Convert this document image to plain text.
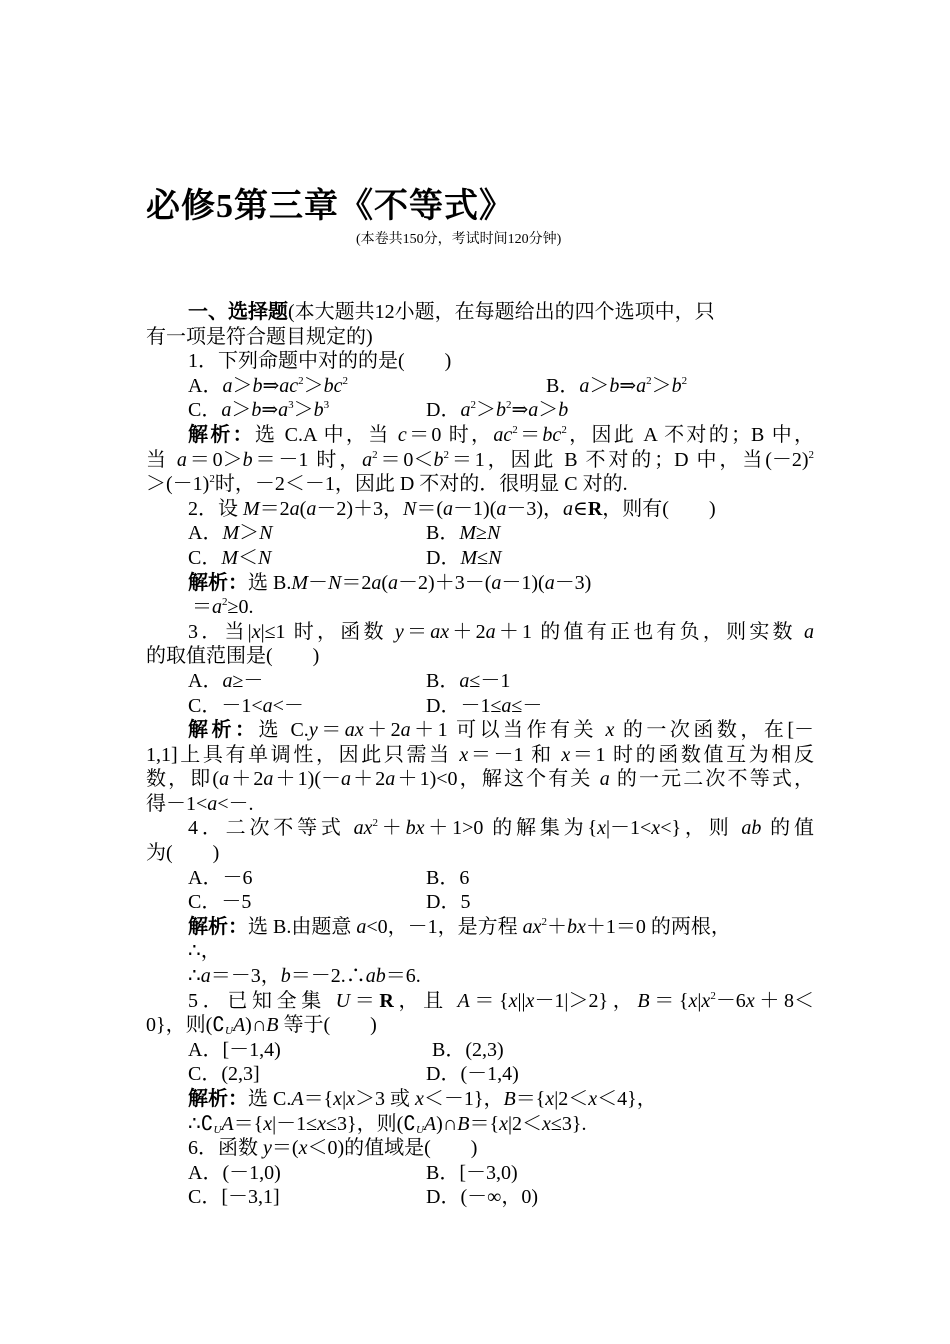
必修5第三章《不等式》
(本卷共150分，考试时间120分钟)
一、选择题(本大题共12小题，在每题给出的四个选项中，只
有一项是符合题目规定的)
1．下列命题中对的的是(　　)
A．$a>b\Rightarrow ac^2>bc^2$	B．$a>b\Rightarrow a^2>b^2$
C．$a>b\Rightarrow a^3>b^3$	D．$a^2>b^2\Rightarrow a>b$
解析：选 C.A 中，当 c＝0 时，$ac^2=bc^2$，因此 A 不对的；B 中，
当 a＝0＞b＝－1 时，$a^2=0<b^2=1$，因此 B 不对的；D 中，当$(-2)^2$
$>(-1)^2$时，－2＜－1，因此 D 不对的．很明显 C 对的.
2．设 M＝2a(a－2)＋3，N＝(a－1)(a－3)，a∈R，则有(　　)
A．M＞N	B．M≥N
C．M＜N	D．M≤N
解析：选 B.M－N＝2a(a－2)＋3－(a－1)(a－3)
$=a^2\ge 0$.
3．当|x|≤1 时，函数 y＝ax＋2a＋1 的值有正也有负，则实数 a
的取值范围是(　　)
A．a≥－	B．a≤－1
C．－1<a<－	D．－1≤a≤－
解析：选 C.y＝ax＋2a＋1 可以当作有关 x 的一次函数，在[－
1,1]上具有单调性，因此只需当 x＝－1 和 x＝1 时的函数值互为相反
数，即(a＋2a＋1)(－a＋2a＋1)<0，解这个有关 a 的一元二次不等式，
得－1<a<－.
4．二次不等式 $ax^2+bx+1>0$ 的解集为{x|－1<x<}，则 ab 的值
为(　　)
A．－6	B．6
C．－5	D．5
解析：选 B.由题意 a<0，－1，是方程 $ax^2+bx+1=0$ 的两根，
∴，
∴a＝－3，b＝－2.∴ab＝6.
5．已知全集 U＝R，且 A＝{x||x－1|＞2}，$B=\{x|x^2-6x+8<$
0}，则$(∁_UA)\cap B$ 等于(　　)
A．[－1,4)	B．(2,3)
C．(2,3]	D．(－1,4)
解析：选 C.A＝{x|x＞3 或 x＜－1}，B＝{x|2＜x＜4}，
$\therefore∁_UA=\{x|-1\le x\le 3\}$，则$(∁_UA)\cap B=\{x|2<x\le 3\}$.
6．函数 y＝(x＜0)的值域是(　　)
A．(－1,0)	B．[－3,0)
C．[－3,1]	D．(－∞，0)
